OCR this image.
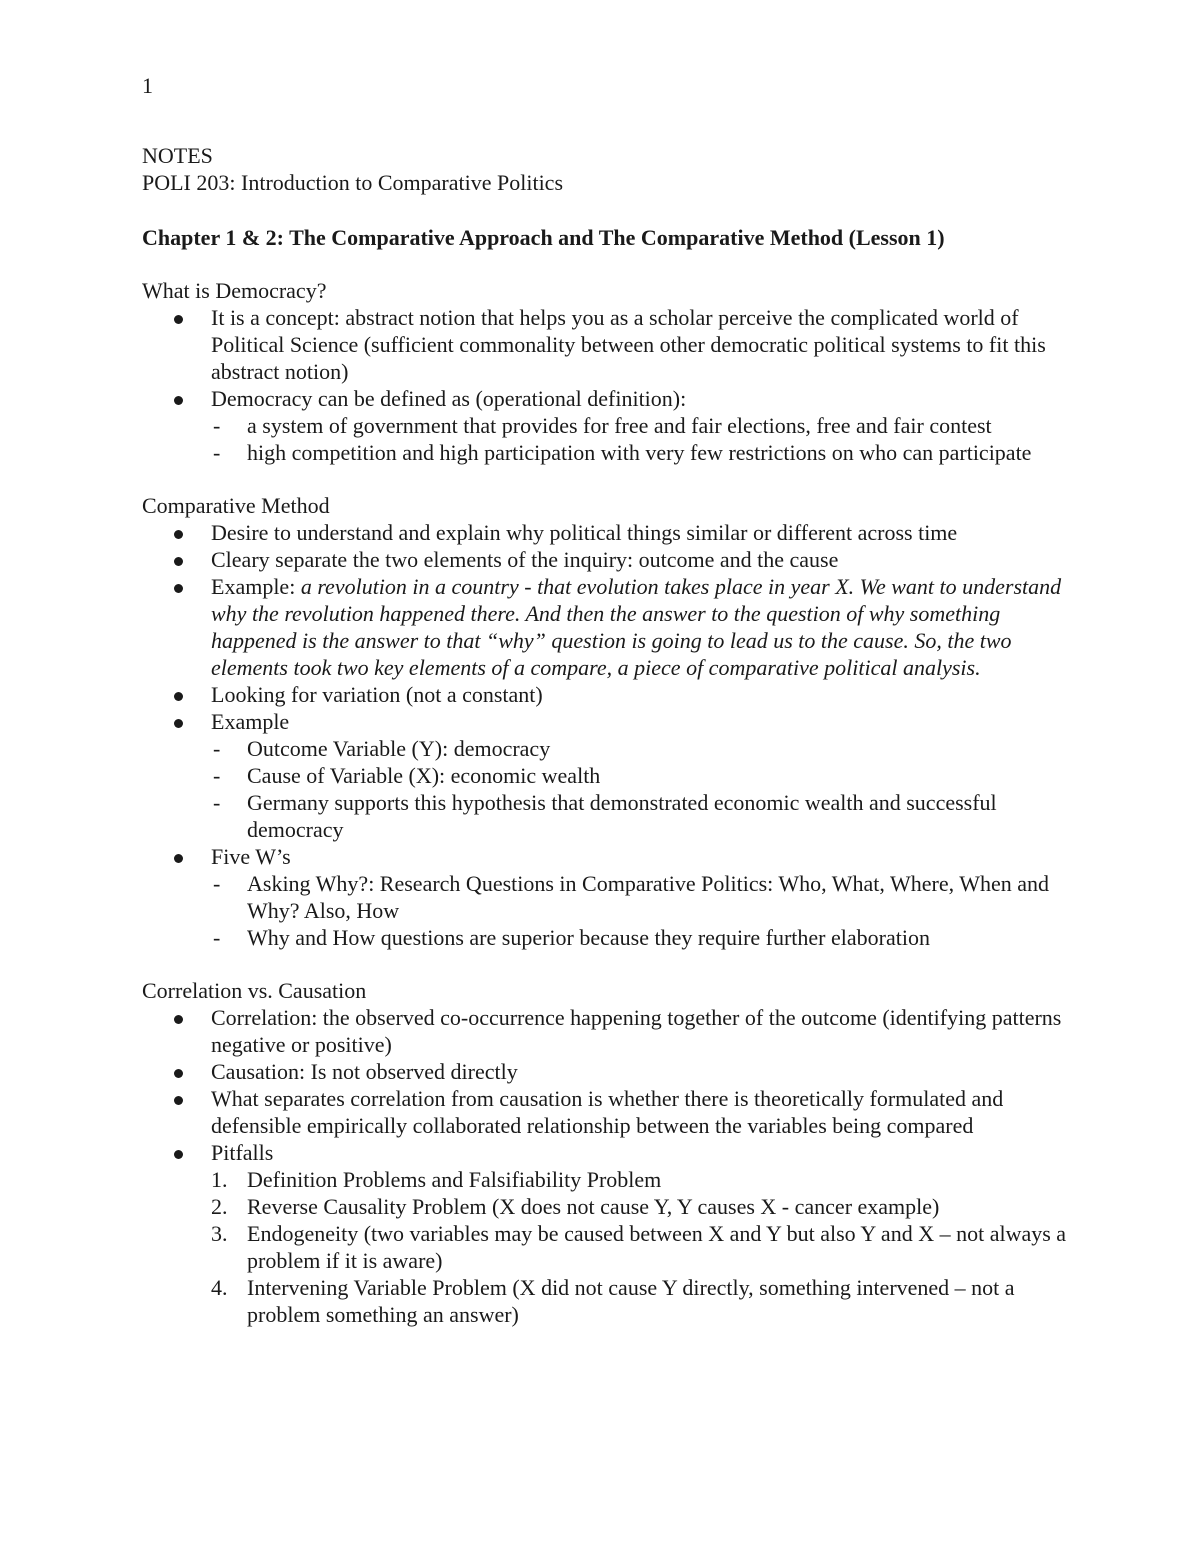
1
NOTES
POLI 203: Introduction to Comparative Politics
Chapter 1 & 2: The Comparative Approach and The Comparative Method (Lesson 1)
What is Democracy?
It is a concept: abstract notion that helps you as a scholar perceive the complicated world of Political Science (sufficient commonality between other democratic political systems to fit this abstract notion)
Democracy can be defined as (operational definition):
- a system of government that provides for free and fair elections, free and fair contest
- high competition and high participation with very few restrictions on who can participate
Comparative Method
Desire to understand and explain why political things similar or different across time
Cleary separate the two elements of the inquiry: outcome and the cause
Example: a revolution in a country - that evolution takes place in year X. We want to understand why the revolution happened there. And then the answer to the question of why something happened is the answer to that “why” question is going to lead us to the cause. So, the two elements took two key elements of a compare, a piece of comparative political analysis.
Looking for variation (not a constant)
Example
- Outcome Variable (Y): democracy
- Cause of Variable (X): economic wealth
- Germany supports this hypothesis that demonstrated economic wealth and successful democracy
Five W’s
- Asking Why?: Research Questions in Comparative Politics: Who, What, Where, When and Why? Also, How
- Why and How questions are superior because they require further elaboration
Correlation vs. Causation
Correlation: the observed co-occurrence happening together of the outcome (identifying patterns negative or positive)
Causation: Is not observed directly
What separates correlation from causation is whether there is theoretically formulated and defensible empirically collaborated relationship between the variables being compared
Pitfalls
1. Definition Problems and Falsifiability Problem
2. Reverse Causality Problem (X does not cause Y, Y causes X - cancer example)
3. Endogeneity (two variables may be caused between X and Y but also Y and X – not always a problem if it is aware)
4. Intervening Variable Problem (X did not cause Y directly, something intervened – not a problem something an answer)
